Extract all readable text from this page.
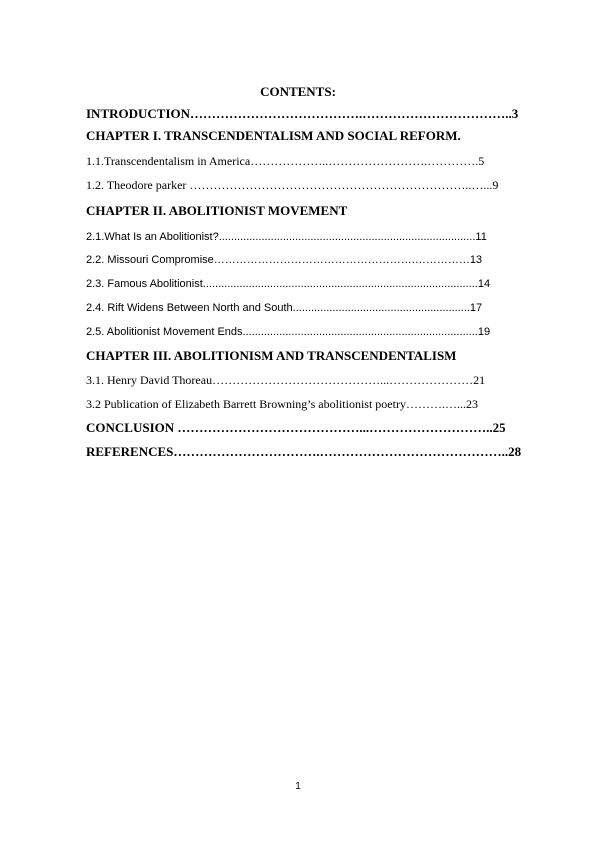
CONTENTS:
INTRODUCTION………………………………….……………………………..3
CHAPTER I. TRANSCENDENTALISM AND SOCIAL REFORM.
1.1.Transcendentalism in America………………..…………………….………….5
1.2. Theodore parker ……………………………………………………………..…...9
CHAPTER II. ABOLITIONIST MOVEMENT
2.1.What Is an Abolitionist?....................................................................................11
2.2. Missouri Compromise……………………………………………….……………13
2.3. Famous Abolitionist..........................................................................................14
2.4. Rift Widens Between North and South..........................................................17
2.5. Abolitionist Movement Ends.............................................................................19
CHAPTER III. ABOLITIONISM AND TRANSCENDENTALISM
3.1. Henry David Thoreau……………………………………...…………………21
3.2 Publication of Elizabeth Barrett Browning’s abolitionist poetry……….…...23
CONCLUSION ……………………………………...………………………..25
REFERENCES…………………………….……………………………………..28
1
